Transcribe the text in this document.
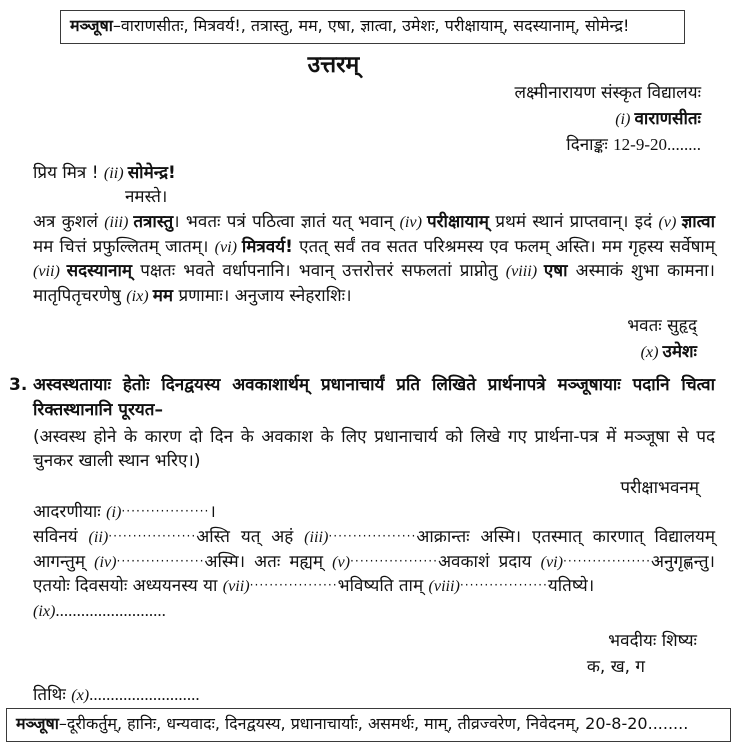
मञ्जूषा–वाराणसीतः, मित्रवर्य!, तत्रास्तु, मम, एषा, ज्ञात्वा, उमेशः, परीक्षायाम्, सदस्यानाम्, सोमेन्द्र!
उत्तरम्
लक्ष्मीनारायण संस्कृत विद्यालयः
(i) वाराणसीतः
दिनाङ्कः 12-9-20........
प्रिय मित्र ! (ii) सोमेन्द्र!
नमस्ते।
अत्र कुशलं (iii) तत्रास्तु। भवतः पत्रं पठित्वा ज्ञातं यत् भवान् (iv) परीक्षायाम् प्रथमं स्थानं प्राप्तवान्। इदं (v) ज्ञात्वा मम चित्तं प्रफुल्लितम् जातम्। (vi) मित्रवर्य! एतत् सर्वं तव सतत परिश्रमस्य एव फलम् अस्ति। मम गृहस्य सर्वेषाम् (vii) सदस्यानाम् पक्षतः भवते वर्धापनानि। भवान् उत्तरोत्तरं सफलतां प्राप्नोतु (viii) एषा अस्माकं शुभा कामना। मातृपितृचरणेषु (ix) मम प्रणामाः। अनुजाय स्नेहराशिः।
भवतः सुहृद्
(x) उमेशः
3. अस्वस्थतायाः हेतोः दिनद्वयस्य अवकाशार्थम् प्रधानाचार्यं प्रति लिखिते प्रार्थनापत्रे मञ्जूषायाः पदानि चित्वा रिक्तस्थानानि पूरयत–
(अस्वस्थ होने के कारण दो दिन के अवकाश के लिए प्रधानाचार्य को लिखे गए प्रार्थना-पत्र में मञ्जूषा से पद चुनकर खाली स्थान भरिए।)
परीक्षाभवनम्
आदरणीयाः (i)··················।
सविनयं (ii)··················अस्ति यत् अहं (iii)··················आक्रान्तः अस्मि। एतस्मात् कारणात् विद्यालयम् आगन्तुम् (iv)··················अस्मि। अतः मह्यम् (v)··················अवकाशं प्रदाय (vi)··················अनुगृह्णन्तु। एतयोः दिवसयोः अध्ययनस्य या (vii)··················भविष्यति ताम् (viii)··················यतिष्ये।
(ix)..........................
भवदीयः शिष्यः
क, ख, ग
तिथिः (x)..........................
मञ्जूषा–दूरीकर्तुम्, हानिः, धन्यवादः, दिनद्वयस्य, प्रधानाचार्याः, असमर्थः, माम्, तीव्रज्वरेण, निवेदनम्, 20-8-20........
